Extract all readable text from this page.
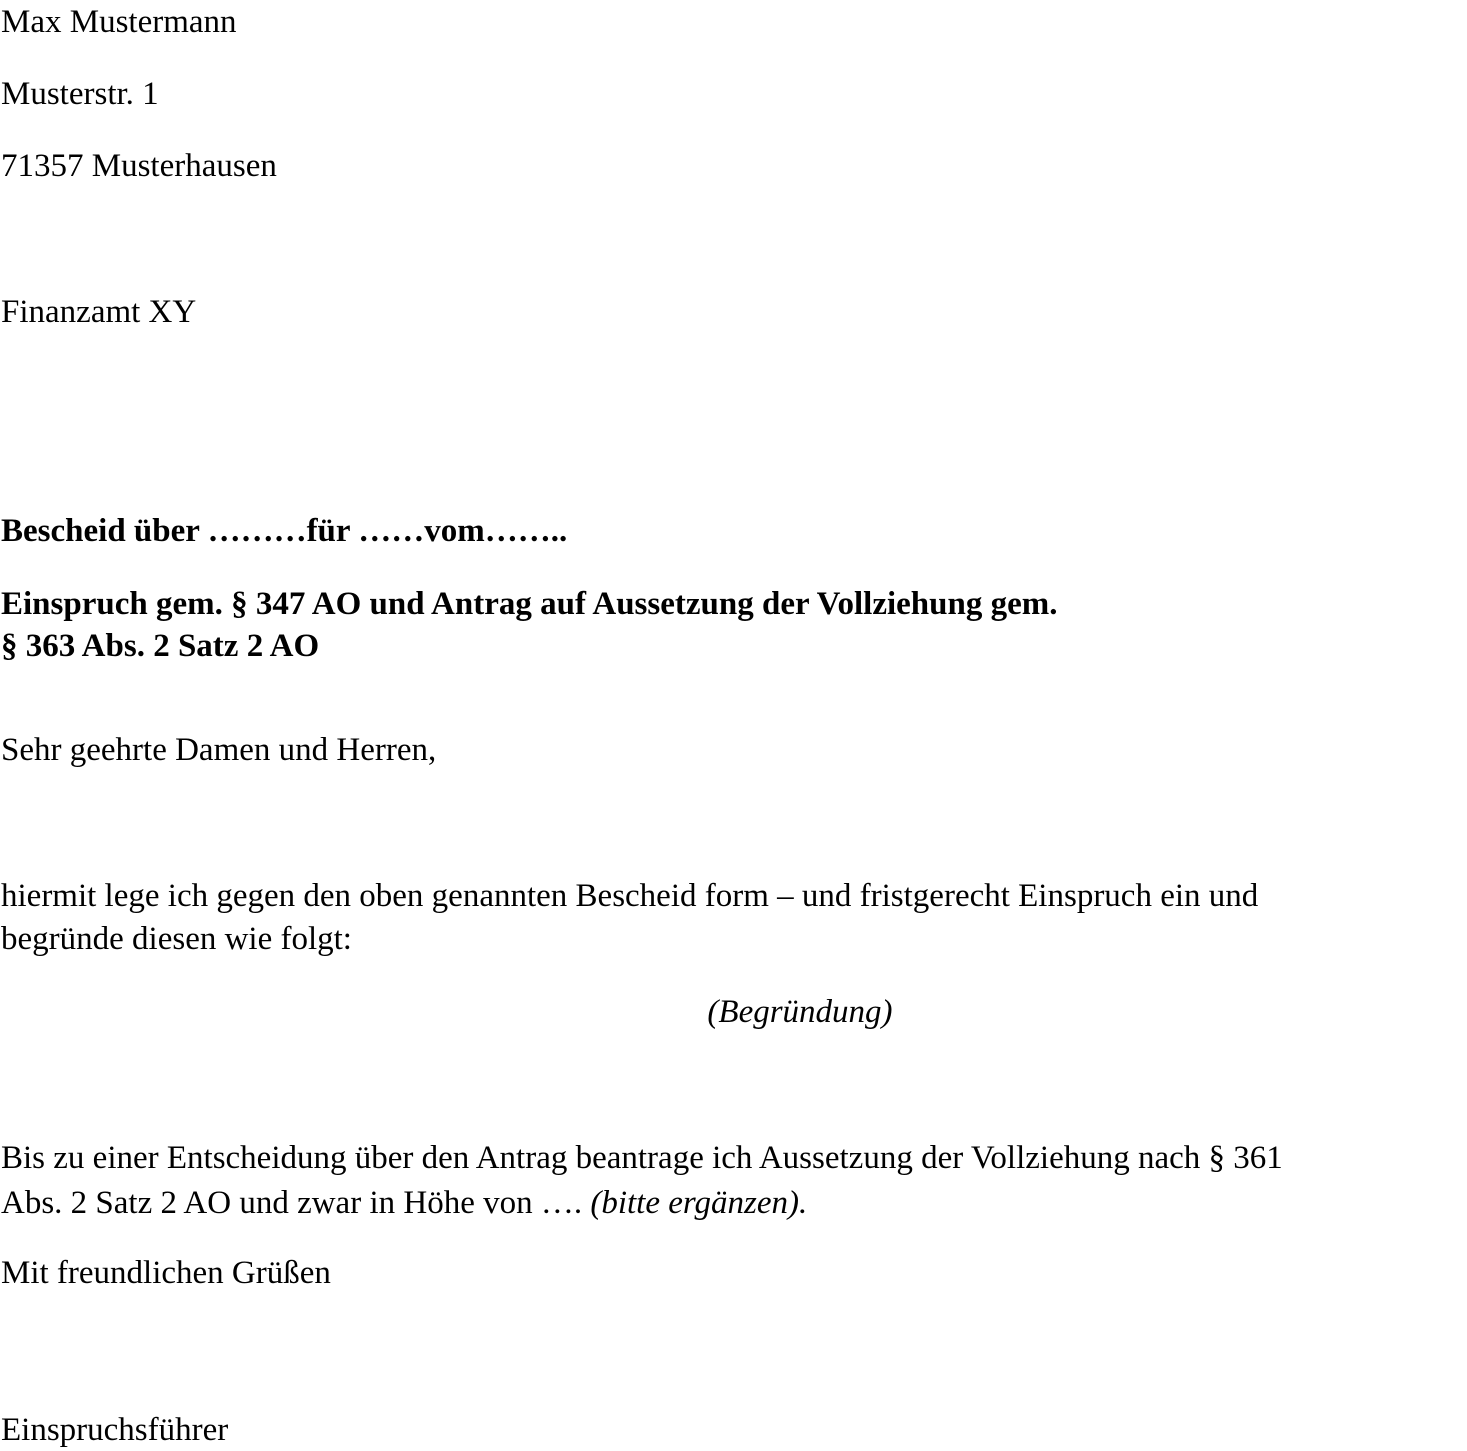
Max Mustermann

Musterstr. 1

71357 Musterhausen

Finanzamt XY

Bescheid über ………für ……vom……..

Einspruch gem. § 347 AO und Antrag auf Aussetzung der Vollziehung gem.

§ 363 Abs. 2 Satz 2 AO

Sehr geehrte Damen und Herren,

hiermit lege ich gegen den oben genannten Bescheid form – und fristgerecht Einspruch ein und

begründe diesen wie folgt:

(Begründung)

Bis zu einer Entscheidung über den Antrag beantrage ich Aussetzung der Vollziehung nach § 361
Abs. 2 Satz 2 AO und zwar in Höhe von …. (bitte ergänzen).

Mit freundlichen Grüßen

Einspruchsführer
